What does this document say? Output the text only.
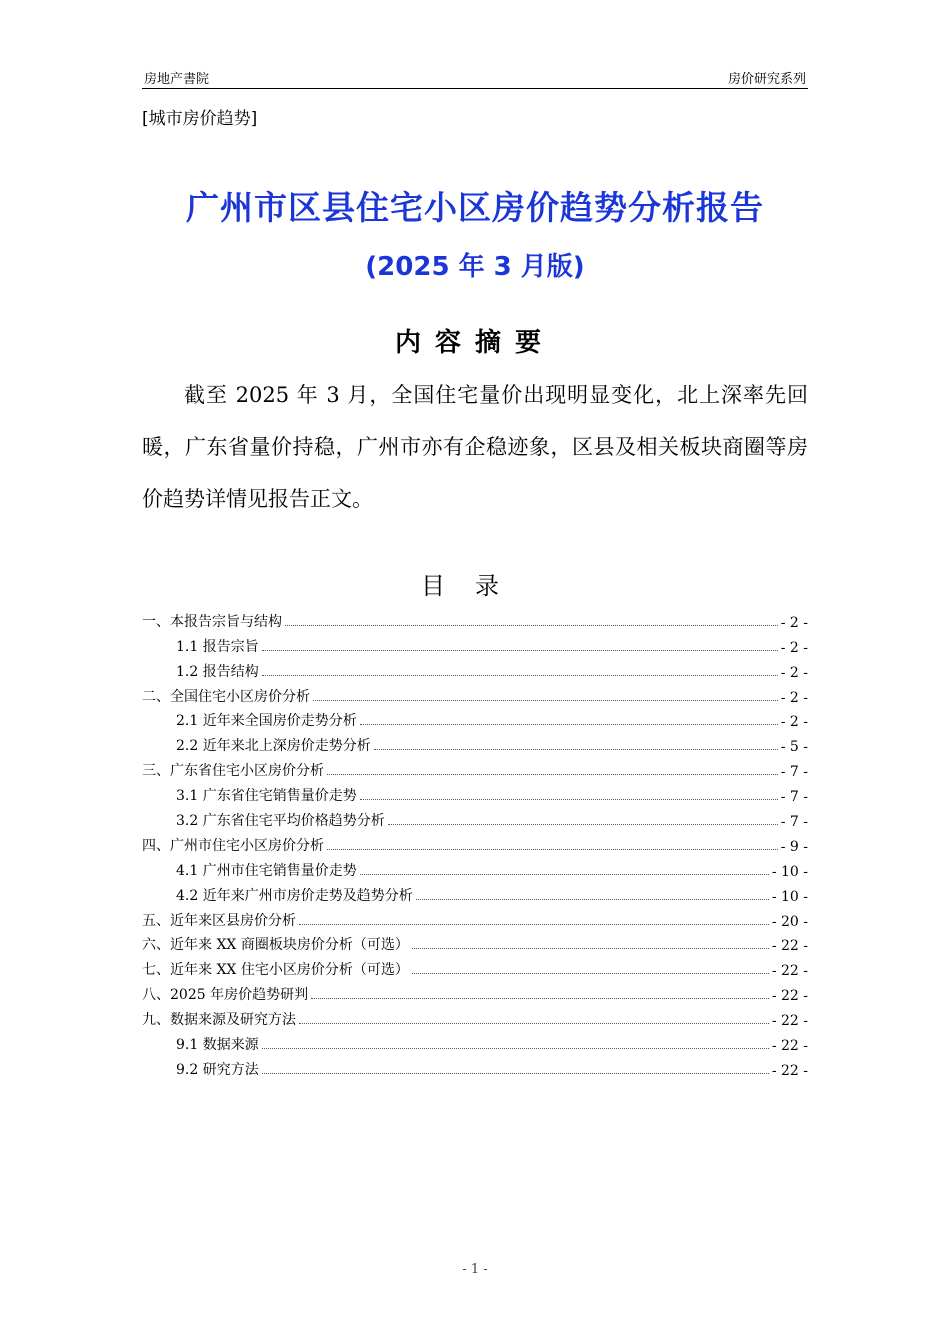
房地产書院	房价研究系列
[城市房价趋势]
广州市区县住宅小区房价趋势分析报告
(2025 年 3 月版)
内容摘要
截至 2025 年 3 月，全国住宅量价出现明显变化，北上深率先回暖，广东省量价持稳，广州市亦有企稳迹象，区县及相关板块商圈等房价趋势详情见报告正文。
目录
一、本报告宗旨与结构	- 2 -
1.1 报告宗旨	- 2 -
1.2 报告结构	- 2 -
二、全国住宅小区房价分析	- 2 -
2.1 近年来全国房价走势分析	- 2 -
2.2 近年来北上深房价走势分析	- 5 -
三、广东省住宅小区房价分析	- 7 -
3.1 广东省住宅销售量价走势	- 7 -
3.2 广东省住宅平均价格趋势分析	- 7 -
四、广州市住宅小区房价分析	- 9 -
4.1 广州市住宅销售量价走势	- 10 -
4.2 近年来广州市房价走势及趋势分析	- 10 -
五、近年来区县房价分析	- 20 -
六、近年来 XX 商圈板块房价分析（可选）	- 22 -
七、近年来 XX 住宅小区房价分析（可选）	- 22 -
八、2025 年房价趋势研判	- 22 -
九、数据来源及研究方法	- 22 -
9.1 数据来源	- 22 -
9.2 研究方法	- 22 -
- 1 -
